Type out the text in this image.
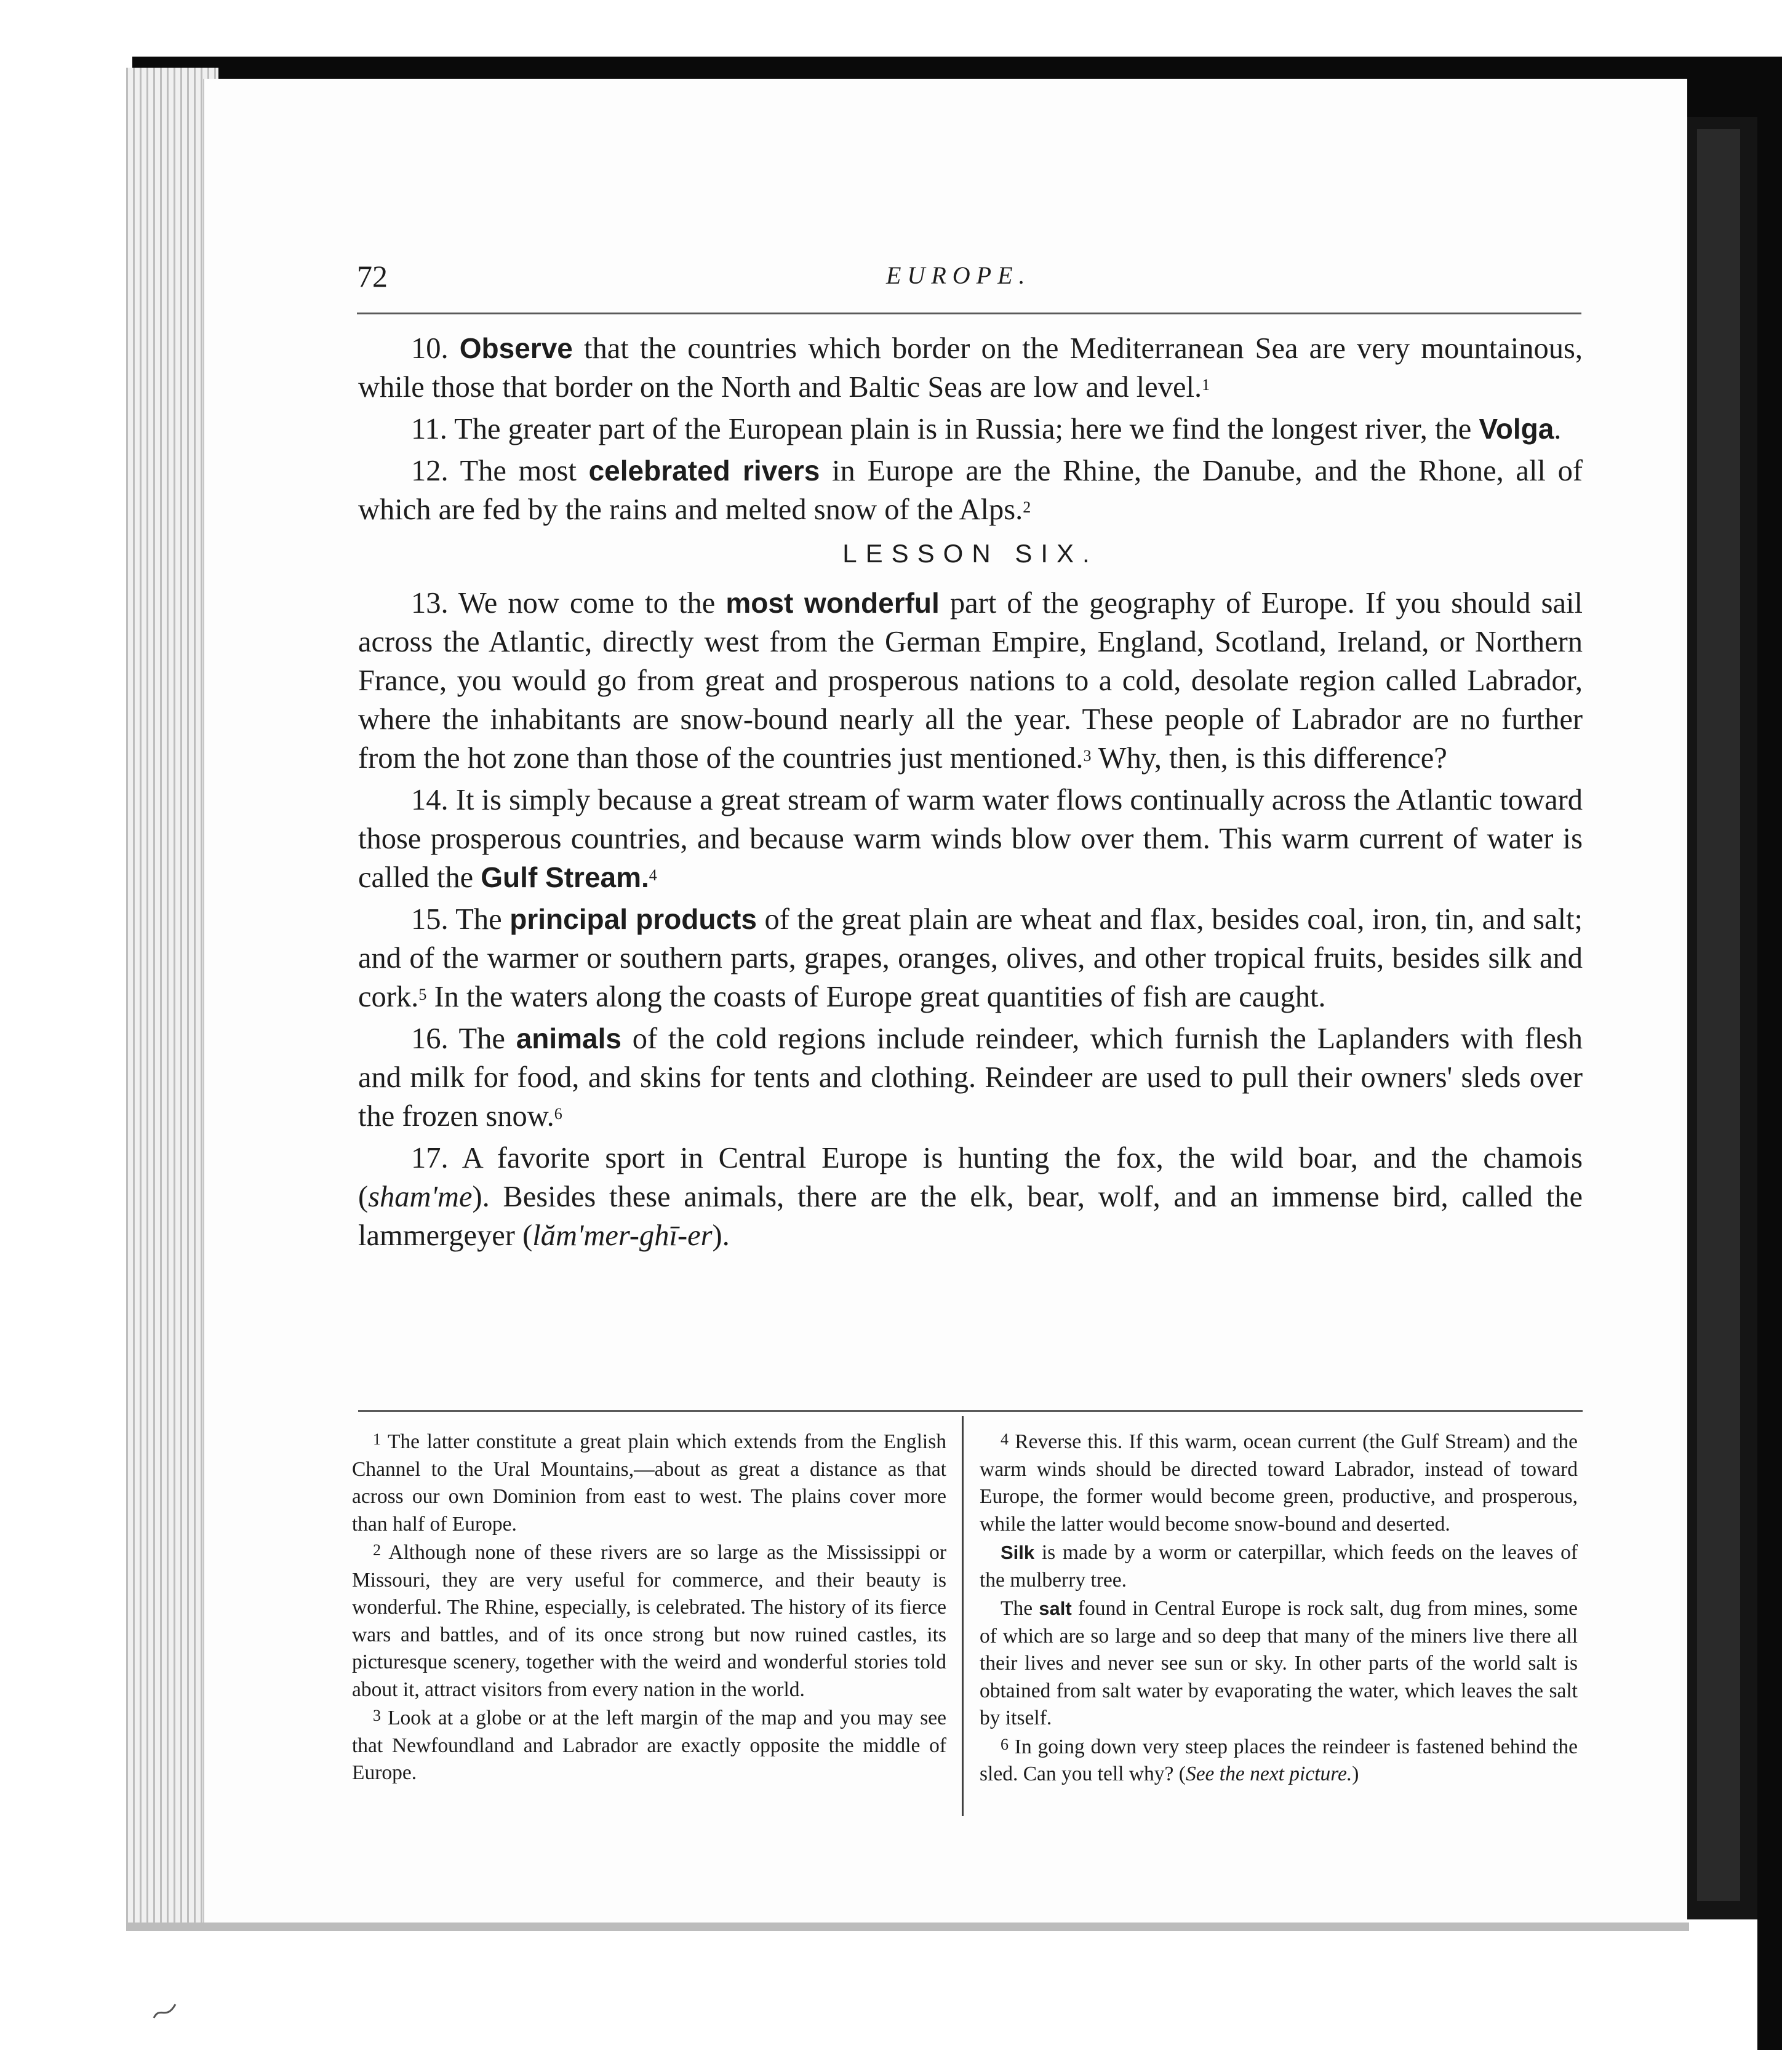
72	EUROPE.

10. Observe that the countries which border on the Mediterranean Sea are very mountainous, while those that border on the North and Baltic Seas are low and level.$^1$

11. The greater part of the European plain is in Russia; here we find the longest river, the Volga.

12. The most celebrated rivers in Europe are the Rhine, the Danube, and the Rhone, all of which are fed by the rains and melted snow of the Alps.$^2$

LESSON SIX.

13. We now come to the most wonderful part of the geography of Europe. If you should sail across the Atlantic, directly west from the German Empire, England, Scotland, Ireland, or Northern France, you would go from great and prosperous nations to a cold, desolate region called Labrador, where the inhabitants are snow-bound nearly all the year. These people of Labrador are no further from the hot zone than those of the countries just mentioned.$^3$ Why, then, is this difference?

14. It is simply because a great stream of warm water flows continually across the Atlantic toward those prosperous countries, and because warm winds blow over them. This warm current of water is called the Gulf Stream.$^4$

15. The principal products of the great plain are wheat and flax, besides coal, iron, tin, and salt; and of the warmer or southern parts, grapes, oranges, olives, and other tropical fruits, besides silk and cork.$^5$ In the waters along the coasts of Europe great quantities of fish are caught.

16. The animals of the cold regions include reindeer, which furnish the Laplanders with flesh and milk for food, and skins for tents and clothing. Reindeer are used to pull their owners' sleds over the frozen snow.$^6$

17. A favorite sport in Central Europe is hunting the fox, the wild boar, and the chamois (sham'me). Besides these animals, there are the elk, bear, wolf, and an immense bird, called the lammergeyer (lăm'mer-ghī-er).

$^1$ The latter constitute a great plain which extends from the English Channel to the Ural Mountains,—about as great a distance as that across our own Dominion from east to west. The plains cover more than half of Europe.

$^2$ Although none of these rivers are so large as the Mississippi or Missouri, they are very useful for commerce, and their beauty is wonderful. The Rhine, especially, is celebrated. The history of its fierce wars and battles, and of its once strong but now ruined castles, its picturesque scenery, together with the weird and wonderful stories told about it, attract visitors from every nation in the world.

$^3$ Look at a globe or at the left margin of the map and you may see that Newfoundland and Labrador are exactly opposite the middle of Europe.

$^4$ Reverse this. If this warm, ocean current (the Gulf Stream) and the warm winds should be directed toward Labrador, instead of toward Europe, the former would become green, productive, and prosperous, while the latter would become snow-bound and deserted.

Silk is made by a worm or caterpillar, which feeds on the leaves of the mulberry tree.

The salt found in Central Europe is rock salt, dug from mines, some of which are so large and so deep that many of the miners live there all their lives and never see sun or sky. In other parts of the world salt is obtained from salt water by evaporating the water, which leaves the salt by itself.

$^6$ In going down very steep places the reindeer is fastened behind the sled. Can you tell why? (See the next picture.)
